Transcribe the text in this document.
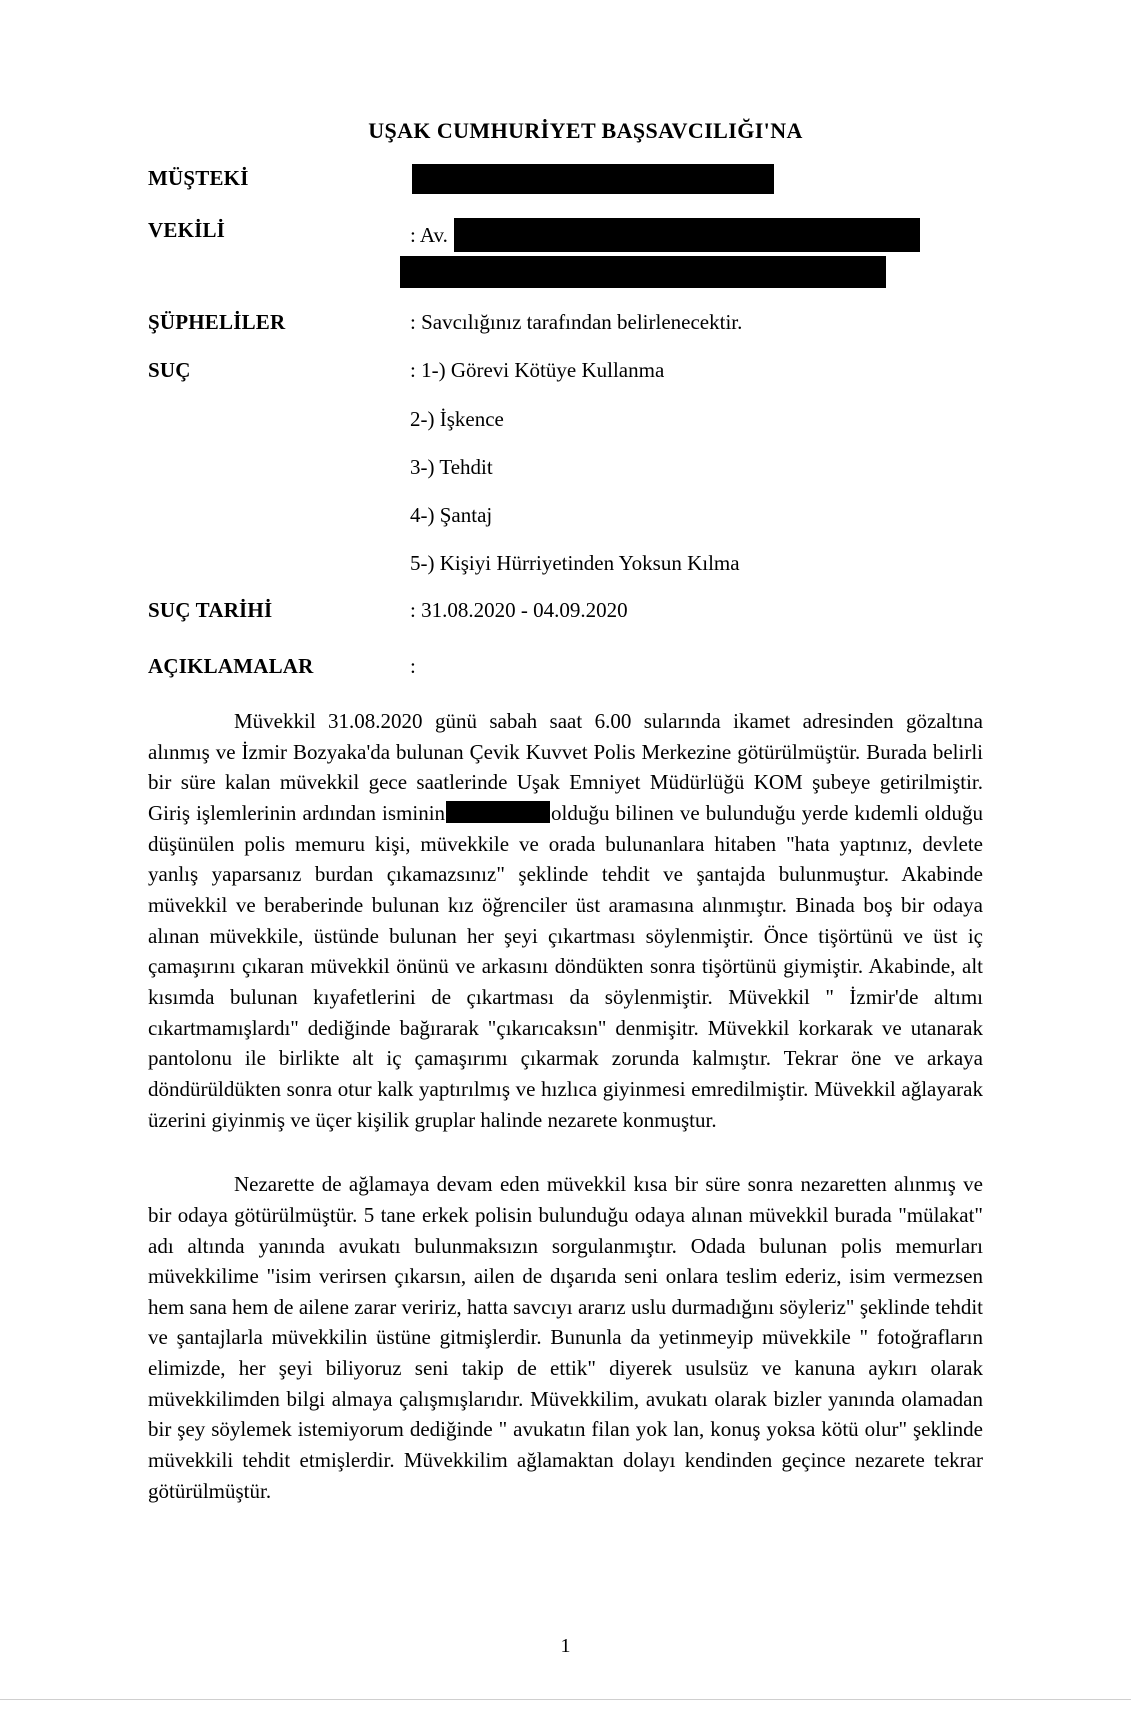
UŞAK CUMHURİYET BAŞSAVCILIĞI'NA
MÜŞTEKİ
VEKİLİ	: Av.
ŞÜPHELİLER	: Savcılığınız tarafından belirlenecektir.
SUÇ	: 1-) Görevi Kötüye Kullanma
2-) İşkence
3-) Tehdit
4-) Şantaj
5-) Kişiyi Hürriyetinden Yoksun Kılma
SUÇ TARİHİ	: 31.08.2020 - 04.09.2020
AÇIKLAMALAR	:

Müvekkil 31.08.2020 günü sabah saat 6.00 sularında ikamet adresinden gözaltına alınmış ve İzmir Bozyaka'da bulunan Çevik Kuvvet Polis Merkezine götürülmüştür. Burada belirli bir süre kalan müvekkil gece saatlerinde Uşak Emniyet Müdürlüğü KOM şubeye getirilmiştir. Giriş işlemlerinin ardından isminin	olduğu bilinen ve bulunduğu yerde kıdemli olduğu düşünülen polis memuru kişi, müvekkile ve orada bulunanlara hitaben "hata yaptınız, devlete yanlış yaparsanız burdan çıkamazsınız" şeklinde tehdit ve şantajda bulunmuştur. Akabinde müvekkil ve beraberinde bulunan kız öğrenciler üst aramasına alınmıştır. Binada boş bir odaya alınan müvekkile, üstünde bulunan her şeyi çıkartması söylenmiştir. Önce tişörtünü ve üst iç çamaşırını çıkaran müvekkil önünü ve arkasını döndükten sonra tişörtünü giymiştir. Akabinde, alt kısımda bulunan kıyafetlerini de çıkartması da söylenmiştir. Müvekkil " İzmir'de altımı cıkartmamışlardı" dediğinde bağırarak "çıkarıcaksın" denmişitr. Müvekkil korkarak ve utanarak pantolonu ile birlikte alt iç çamaşırımı çıkarmak zorunda kalmıştır. Tekrar öne ve arkaya döndürüldükten sonra otur kalk yaptırılmış ve hızlıca giyinmesi emredilmiştir. Müvekkil ağlayarak üzerini giyinmiş ve üçer kişilik gruplar halinde nezarete konmuştur.

Nezarette de ağlamaya devam eden müvekkil kısa bir süre sonra nezaretten alınmış ve bir odaya götürülmüştür. 5 tane erkek polisin bulunduğu odaya alınan müvekkil burada "mülakat" adı altında yanında avukatı bulunmaksızın sorgulanmıştır. Odada bulunan polis memurları müvekkilime "isim verirsen çıkarsın, ailen de dışarıda seni onlara teslim ederiz, isim vermezsen hem sana hem de ailene zarar veririz, hatta savcıyı ararız uslu durmadığını söyleriz" şeklinde tehdit ve şantajlarla müvekkilin üstüne gitmişlerdir. Bununla da yetinmeyip müvekkile " fotoğrafların elimizde, her şeyi biliyoruz seni takip de ettik" diyerek usulsüz ve kanuna aykırı olarak müvekkilimden bilgi almaya çalışmışlarıdır. Müvekkilim, avukatı olarak bizler yanında olamadan bir şey söylemek istemiyorum dediğinde " avukatın filan yok lan, konuş yoksa kötü olur" şeklinde müvekkili tehdit etmişlerdir. Müvekkilim ağlamaktan dolayı kendinden geçince nezarete tekrar götürülmüştür.

1
